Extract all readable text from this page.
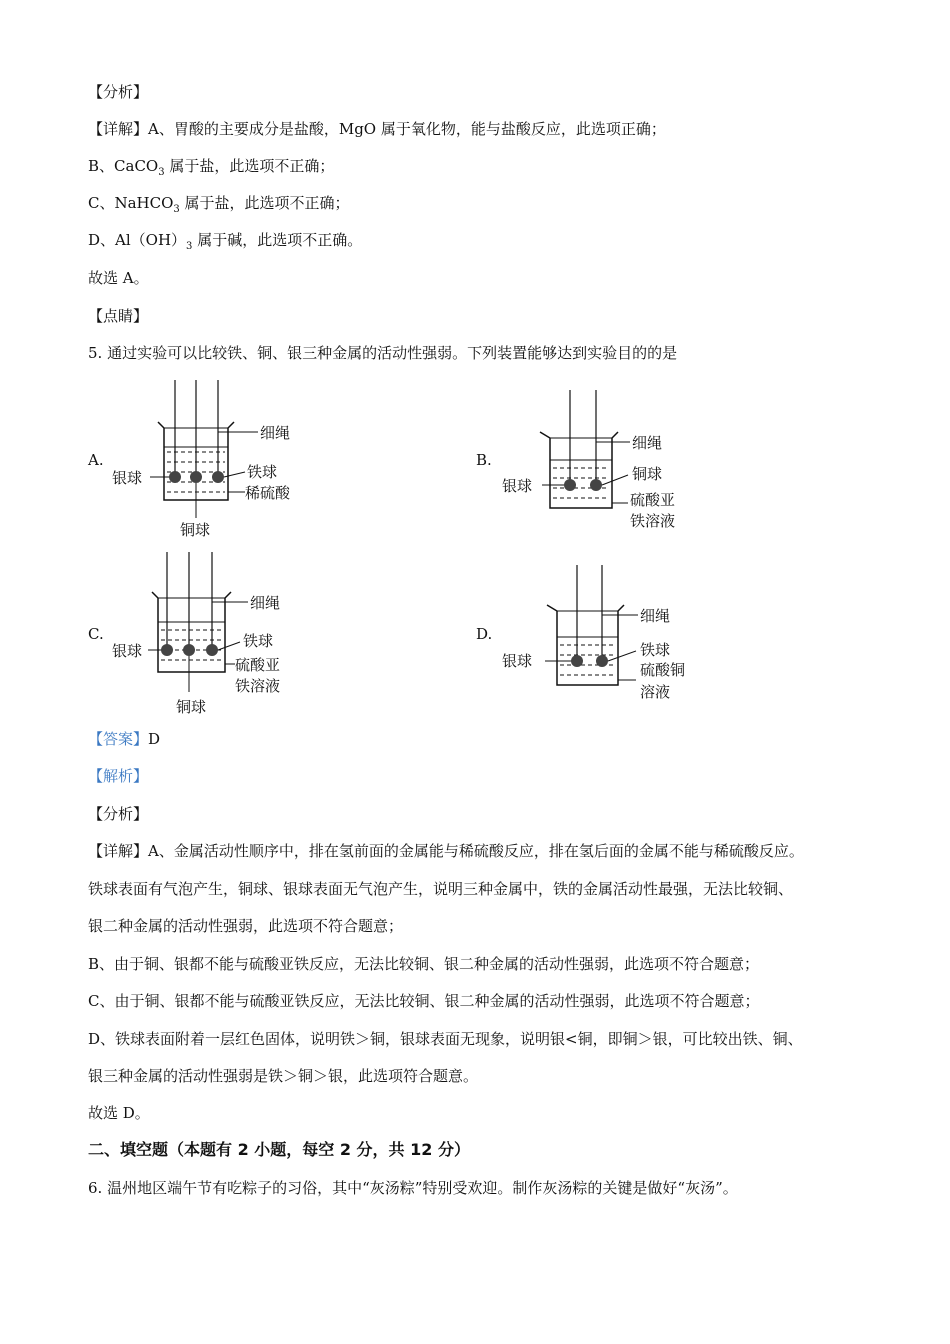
【分析】
【详解】A、胃酸的主要成分是盐酸，MgO 属于氧化物，能与盐酸反应，此选项正确；
B、CaCO$_3$ 属于盐，此选项不正确；
C、NaHCO$_3$ 属于盐，此选项不正确；
D、$Al(OH)_3$ 属于碱，此选项不正确。
故选 A。
【点睛】
5. 通过实验可以比较铁、铜、银三种金属的活动性强弱。下列装置能够达到实验目的的是
A.
细绳
银球	铁球
稀硫酸
铜球
B.
细绳
银球
铜球
硫酸亚
铁溶液
C.
细绳
银球
铁球
硫酸亚
铁溶液
铜球
D.
细绳
银球
铁球
硫酸铜
溶液
【答案】D
【解析】
【分析】
【详解】A、金属活动性顺序中，排在氢前面的金属能与稀硫酸反应，排在氢后面的金属不能与稀硫酸反应。
铁球表面有气泡产生，铜球、银球表面无气泡产生，说明三种金属中，铁的金属活动性最强，无法比较铜、
银二种金属的活动性强弱，此选项不符合题意；
B、由于铜、银都不能与硫酸亚铁反应，无法比较铜、银二种金属的活动性强弱，此选项不符合题意；
C、由于铜、银都不能与硫酸亚铁反应，无法比较铜、银二种金属的活动性强弱，此选项不符合题意；
D、铁球表面附着一层红色固体，说明铁＞铜，银球表面无现象，说明银<铜，即铜＞银，可比较出铁、铜、
银三种金属的活动性强弱是铁＞铜＞银，此选项符合题意。
故选 D。
二、填空题（本题有 2 小题，每空 2 分，共 12 分）
6. 温州地区端午节有吃粽子的习俗，其中“灰汤粽”特别受欢迎。制作灰汤粽的关键是做好“灰汤”。
